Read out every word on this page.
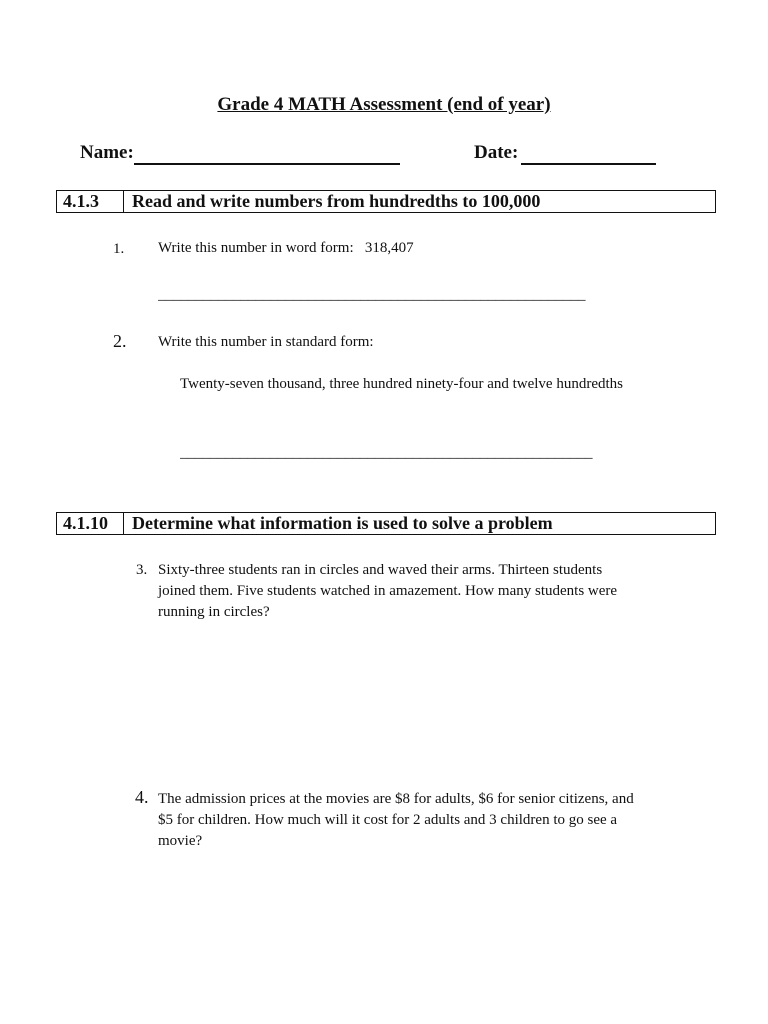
Grade 4 MATH Assessment (end of year)
Name:	Date:
4.1.3	Read and write numbers from hundredths to 100,000
1. Write this number in word form:   318,407
_________________________________________________________
2. Write this number in standard form:
Twenty-seven thousand, three hundred ninety-four and twelve hundredths
_______________________________________________________
4.1.10	Determine what information is used to solve a problem
3. Sixty-three students ran in circles and waved their arms. Thirteen students joined them. Five students watched in amazement. How many students were running in circles?
4. The admission prices at the movies are $8 for adults, $6 for senior citizens, and $5 for children. How much will it cost for 2 adults and 3 children to go see a movie?
